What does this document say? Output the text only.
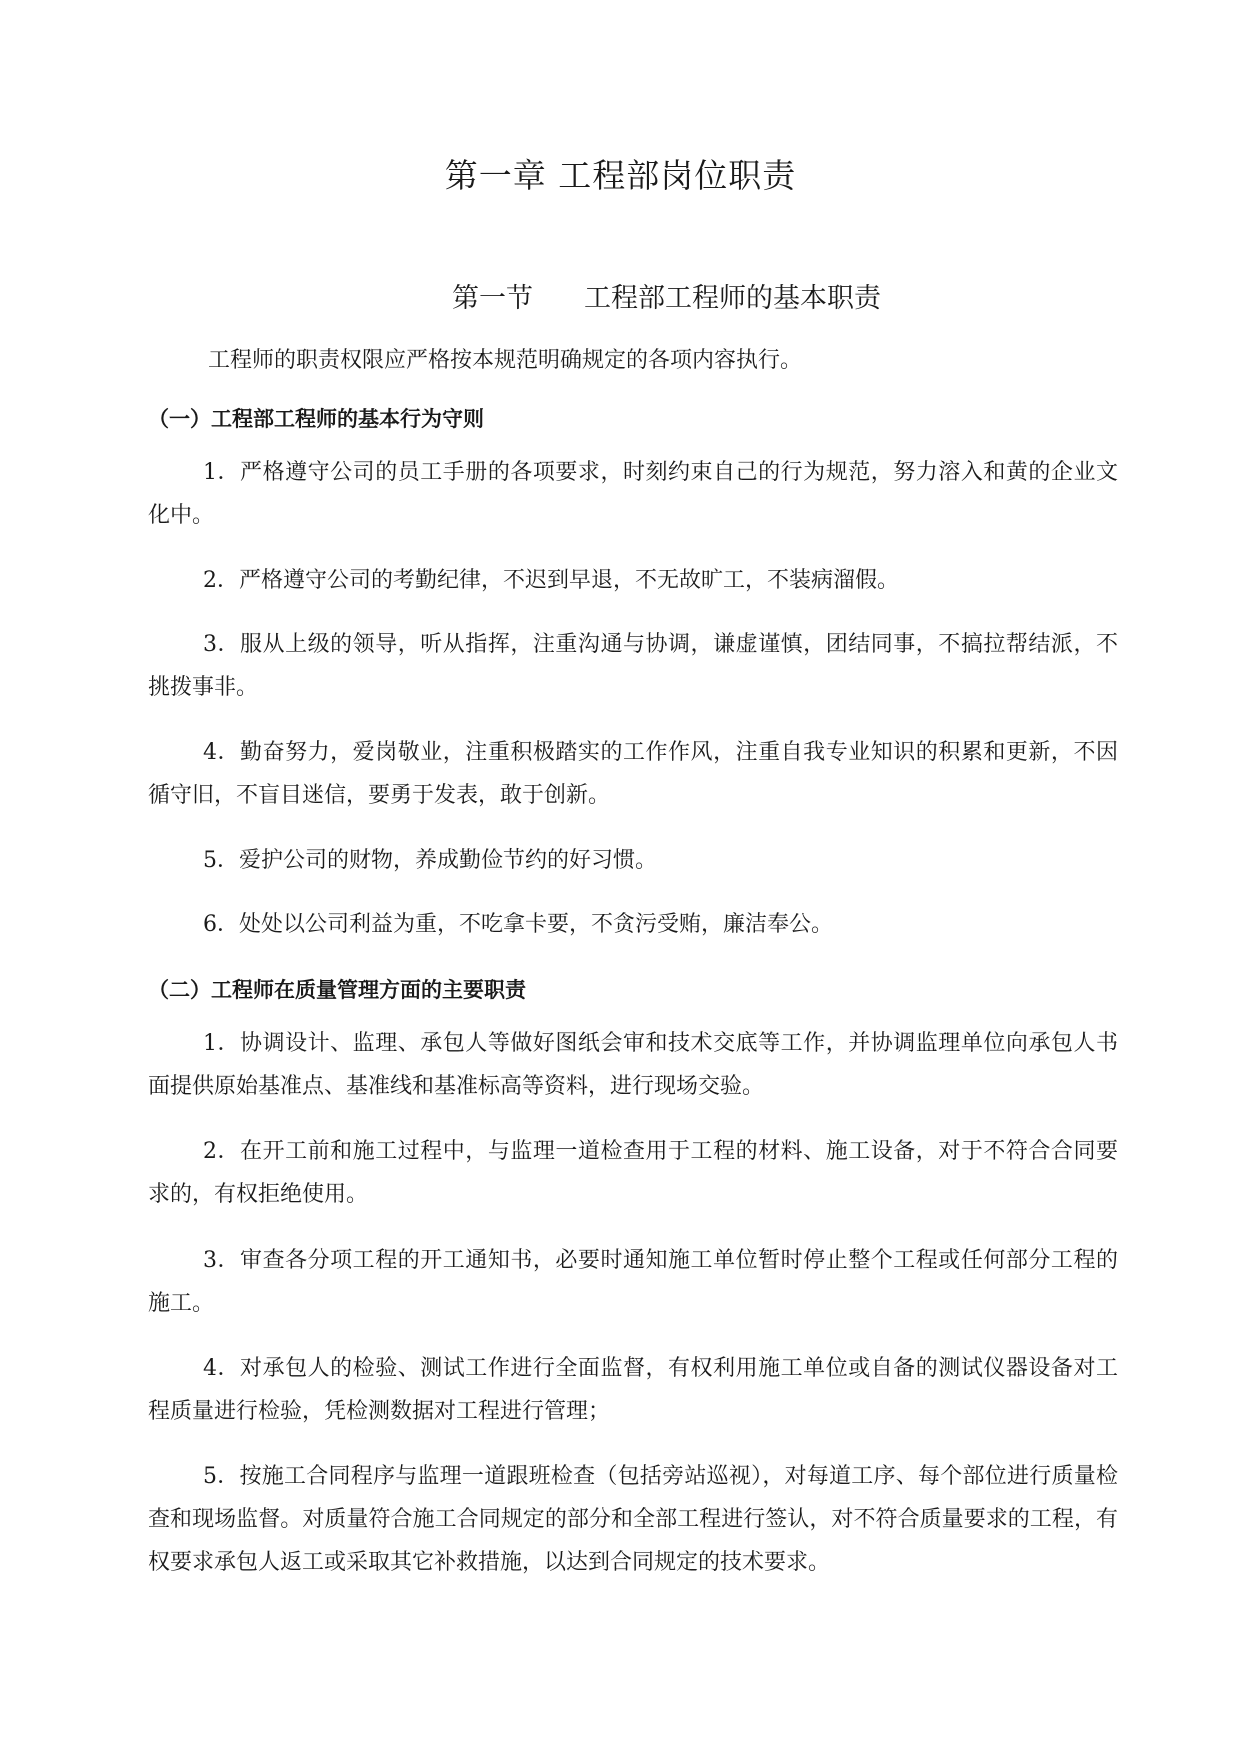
第一章 工程部岗位职责
第一节 工程部工程师的基本职责

工程师的职责权限应严格按本规范明确规定的各项内容执行。

（一）工程部工程师的基本行为守则

1．严格遵守公司的员工手册的各项要求，时刻约束自己的行为规范，努力溶入和黄的企业文化中。

2．严格遵守公司的考勤纪律，不迟到早退，不无故旷工，不装病溜假。

3．服从上级的领导，听从指挥，注重沟通与协调，谦虚谨慎，团结同事，不搞拉帮结派，不挑拨事非。

4．勤奋努力，爱岗敬业，注重积极踏实的工作作风，注重自我专业知识的积累和更新，不因循守旧，不盲目迷信，要勇于发表，敢于创新。

5．爱护公司的财物，养成勤俭节约的好习惯。

6．处处以公司利益为重，不吃拿卡要，不贪污受贿，廉洁奉公。

（二）工程师在质量管理方面的主要职责

1．协调设计、监理、承包人等做好图纸会审和技术交底等工作，并协调监理单位向承包人书面提供原始基准点、基准线和基准标高等资料，进行现场交验。

2．在开工前和施工过程中，与监理一道检查用于工程的材料、施工设备，对于不符合合同要求的，有权拒绝使用。

3．审查各分项工程的开工通知书，必要时通知施工单位暂时停止整个工程或任何部分工程的施工。

4．对承包人的检验、测试工作进行全面监督，有权利用施工单位或自备的测试仪器设备对工程质量进行检验，凭检测数据对工程进行管理；

5．按施工合同程序与监理一道跟班检查（包括旁站巡视），对每道工序、每个部位进行质量检查和现场监督。对质量符合施工合同规定的部分和全部工程进行签认，对不符合质量要求的工程，有权要求承包人返工或采取其它补救措施，以达到合同规定的技术要求。
